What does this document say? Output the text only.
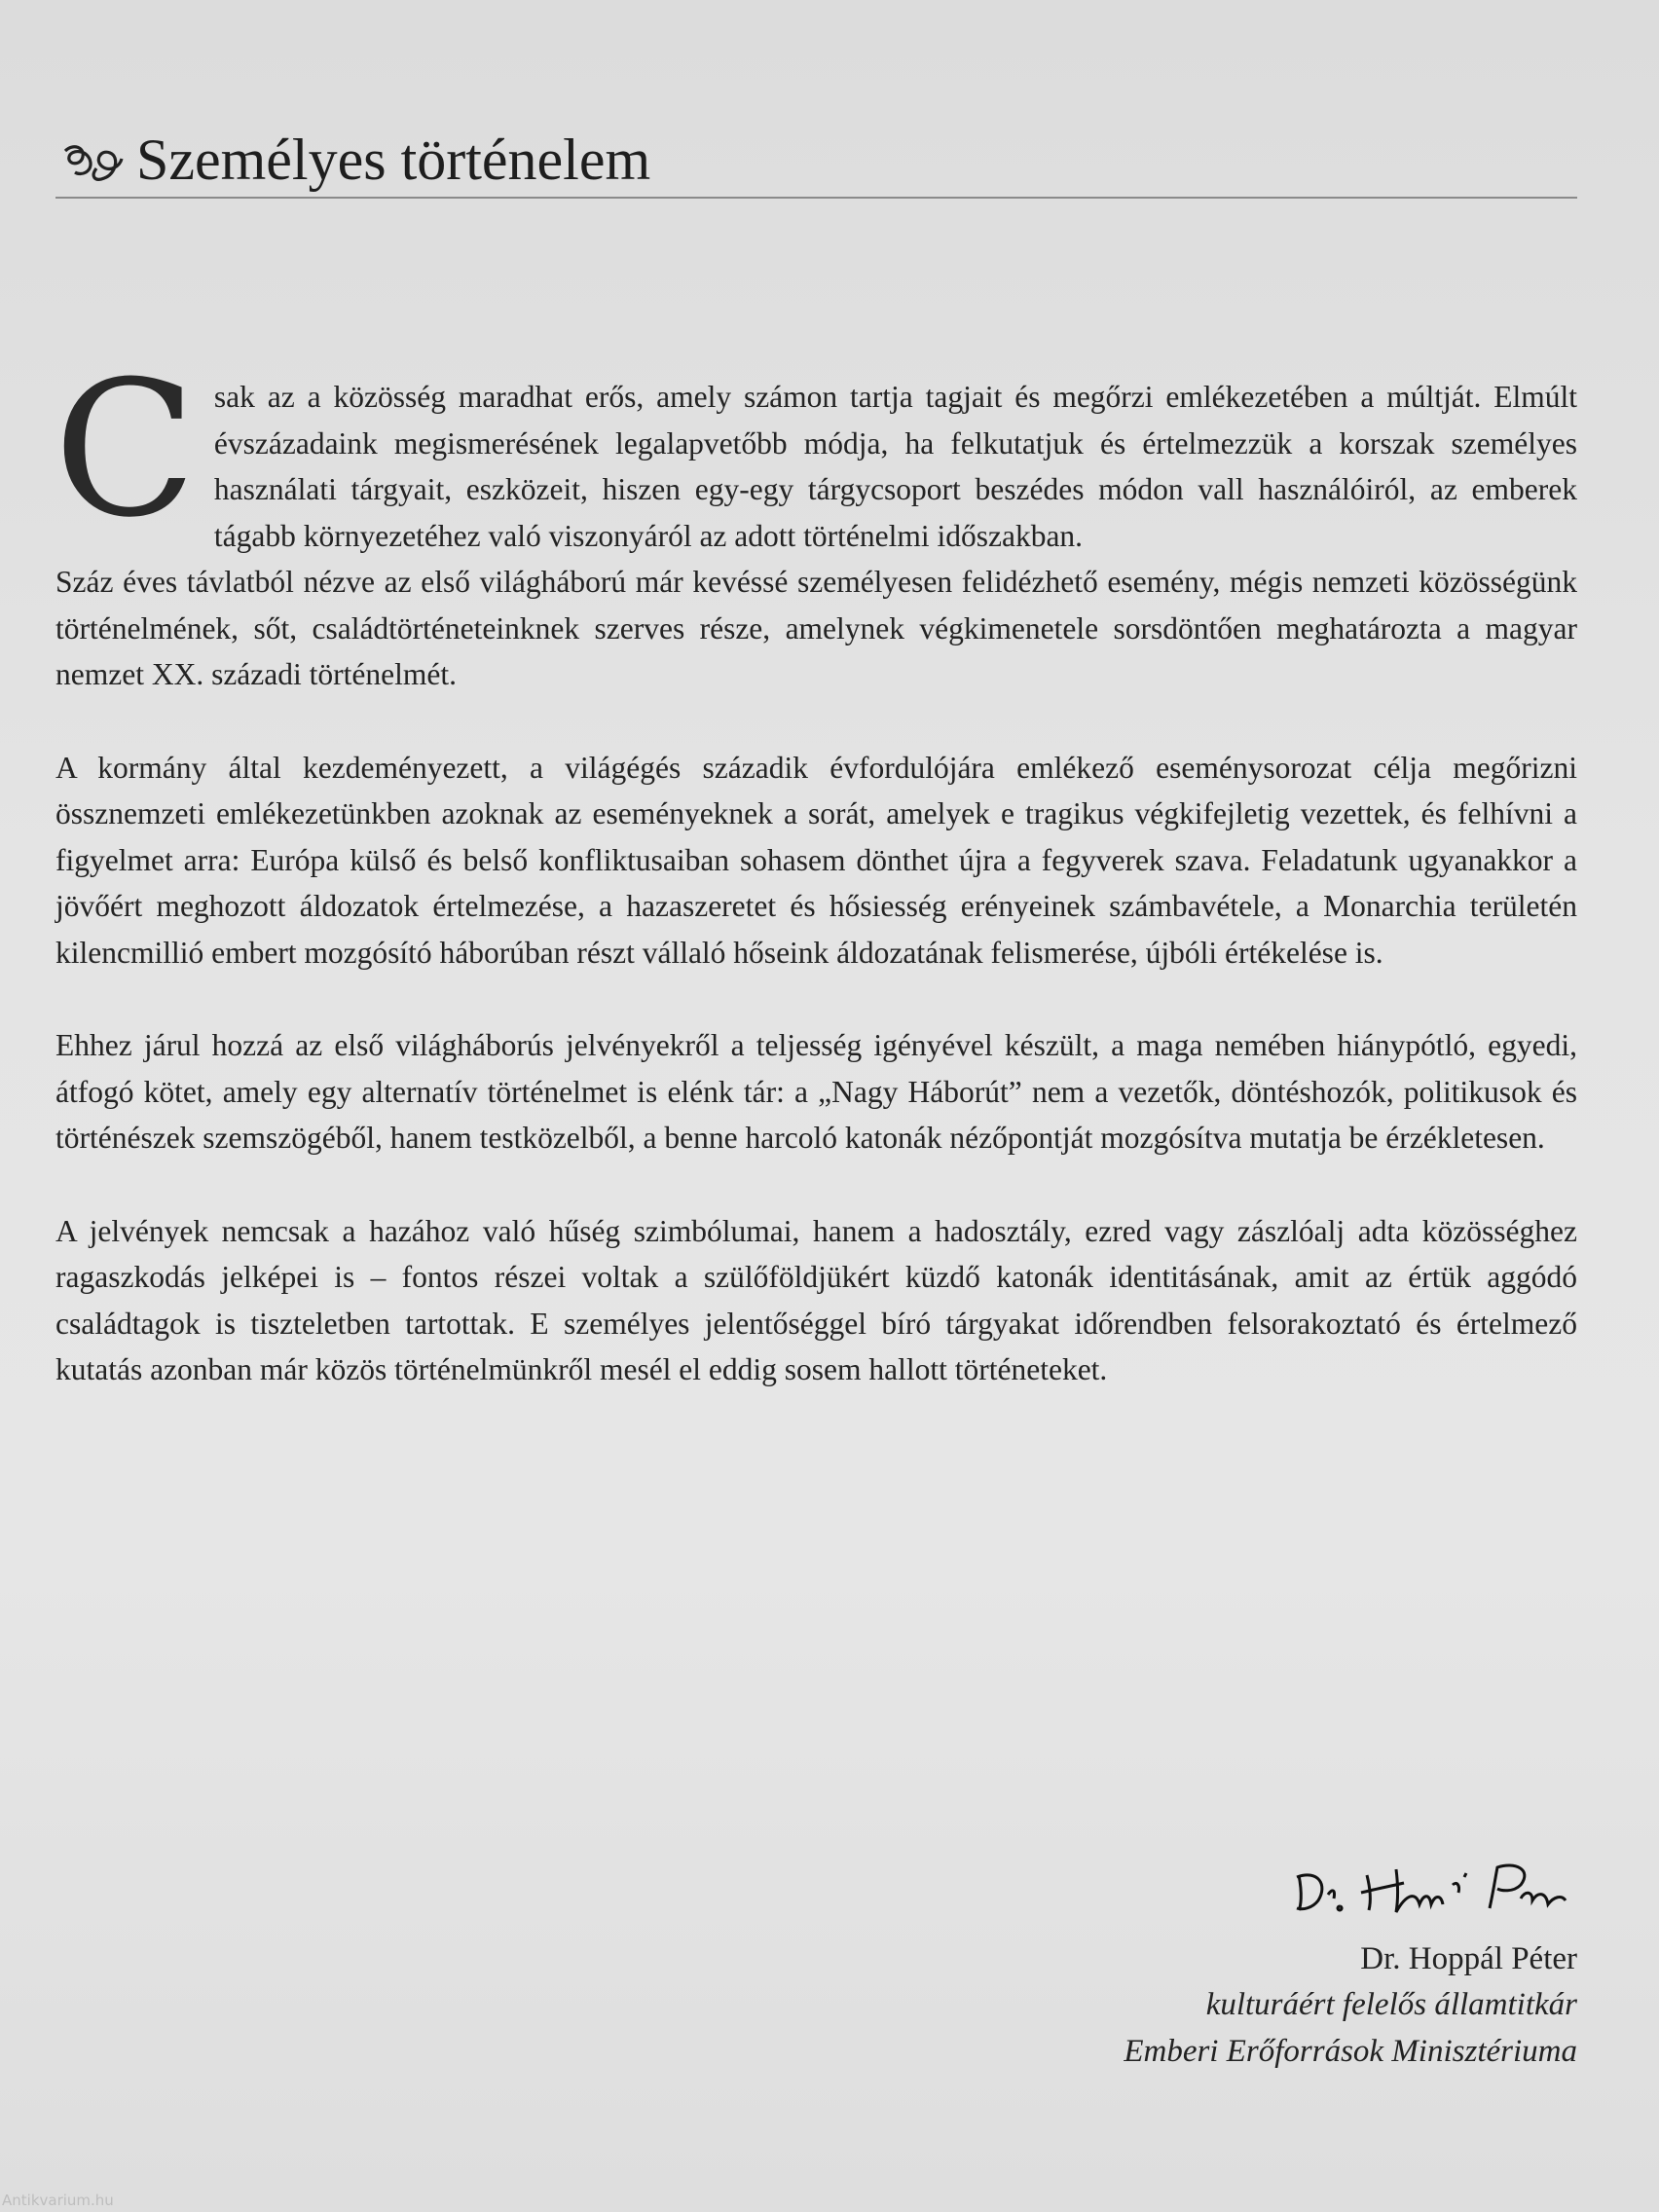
Személyes történelem

Csak az a közösség maradhat erős, amely számon tartja tagjait és megőrzi emlékezetében a múltját. Elmúlt évszázadaink megismerésének legalapvetőbb módja, ha felkutatjuk és értelmezzük a korszak személyes használati tárgyait, eszközeit, hiszen egy-egy tárgycsoport beszédes módon vall használóiról, az emberek tágabb környezetéhez való viszonyáról az adott történelmi időszakban.

Száz éves távlatból nézve az első világháború már kevéssé személyesen felidézhető esemény, mégis nemzeti közösségünk történelmének, sőt, családtörténeteinknek szerves része, amelynek végkimenetele sorsdöntően meghatározta a magyar nemzet XX. századi történelmét.

A kormány által kezdeményezett, a világégés századik évfordulójára emlékező eseménysorozat célja megőrizni össznemzeti emlékezetünkben azoknak az eseményeknek a sorát, amelyek e tragikus végkifejletig vezettek, és felhívni a figyelmet arra: Európa külső és belső konfliktusaiban sohasem dönthet újra a fegyverek szava. Feladatunk ugyanakkor a jövőért meghozott áldozatok értelmezése, a hazaszeretet és hősiesség erényeinek számbavétele, a Monarchia területén kilencmillió embert mozgósító háborúban részt vállaló hőseink áldozatának felismerése, újbóli értékelése is.

Ehhez járul hozzá az első világháborús jelvényekről a teljesség igényével készült, a maga nemében hiánypótló, egyedi, átfogó kötet, amely egy alternatív történelmet is elénk tár: a „Nagy Háborút” nem a vezetők, döntéshozók, politikusok és történészek szemszögéből, hanem testközelből, a benne harcoló katonák nézőpontját mozgósítva mutatja be érzékletesen.

A jelvények nemcsak a hazához való hűség szimbólumai, hanem a hadosztály, ezred vagy zászlóalj adta közösséghez ragaszkodás jelképei is – fontos részei voltak a szülőföldjükért küzdő katonák identitásának, amit az értük aggódó családtagok is tiszteletben tartottak. E személyes jelentőséggel bíró tárgyakat időrendben felsorakoztató és értelmező kutatás azonban már közös történelmünkről mesél el eddig sosem hallott történeteket.

Dr. Hoppál Péter
kulturáért felelős államtitkár
Emberi Erőforrások Minisztériuma
Antikvarium.hu
